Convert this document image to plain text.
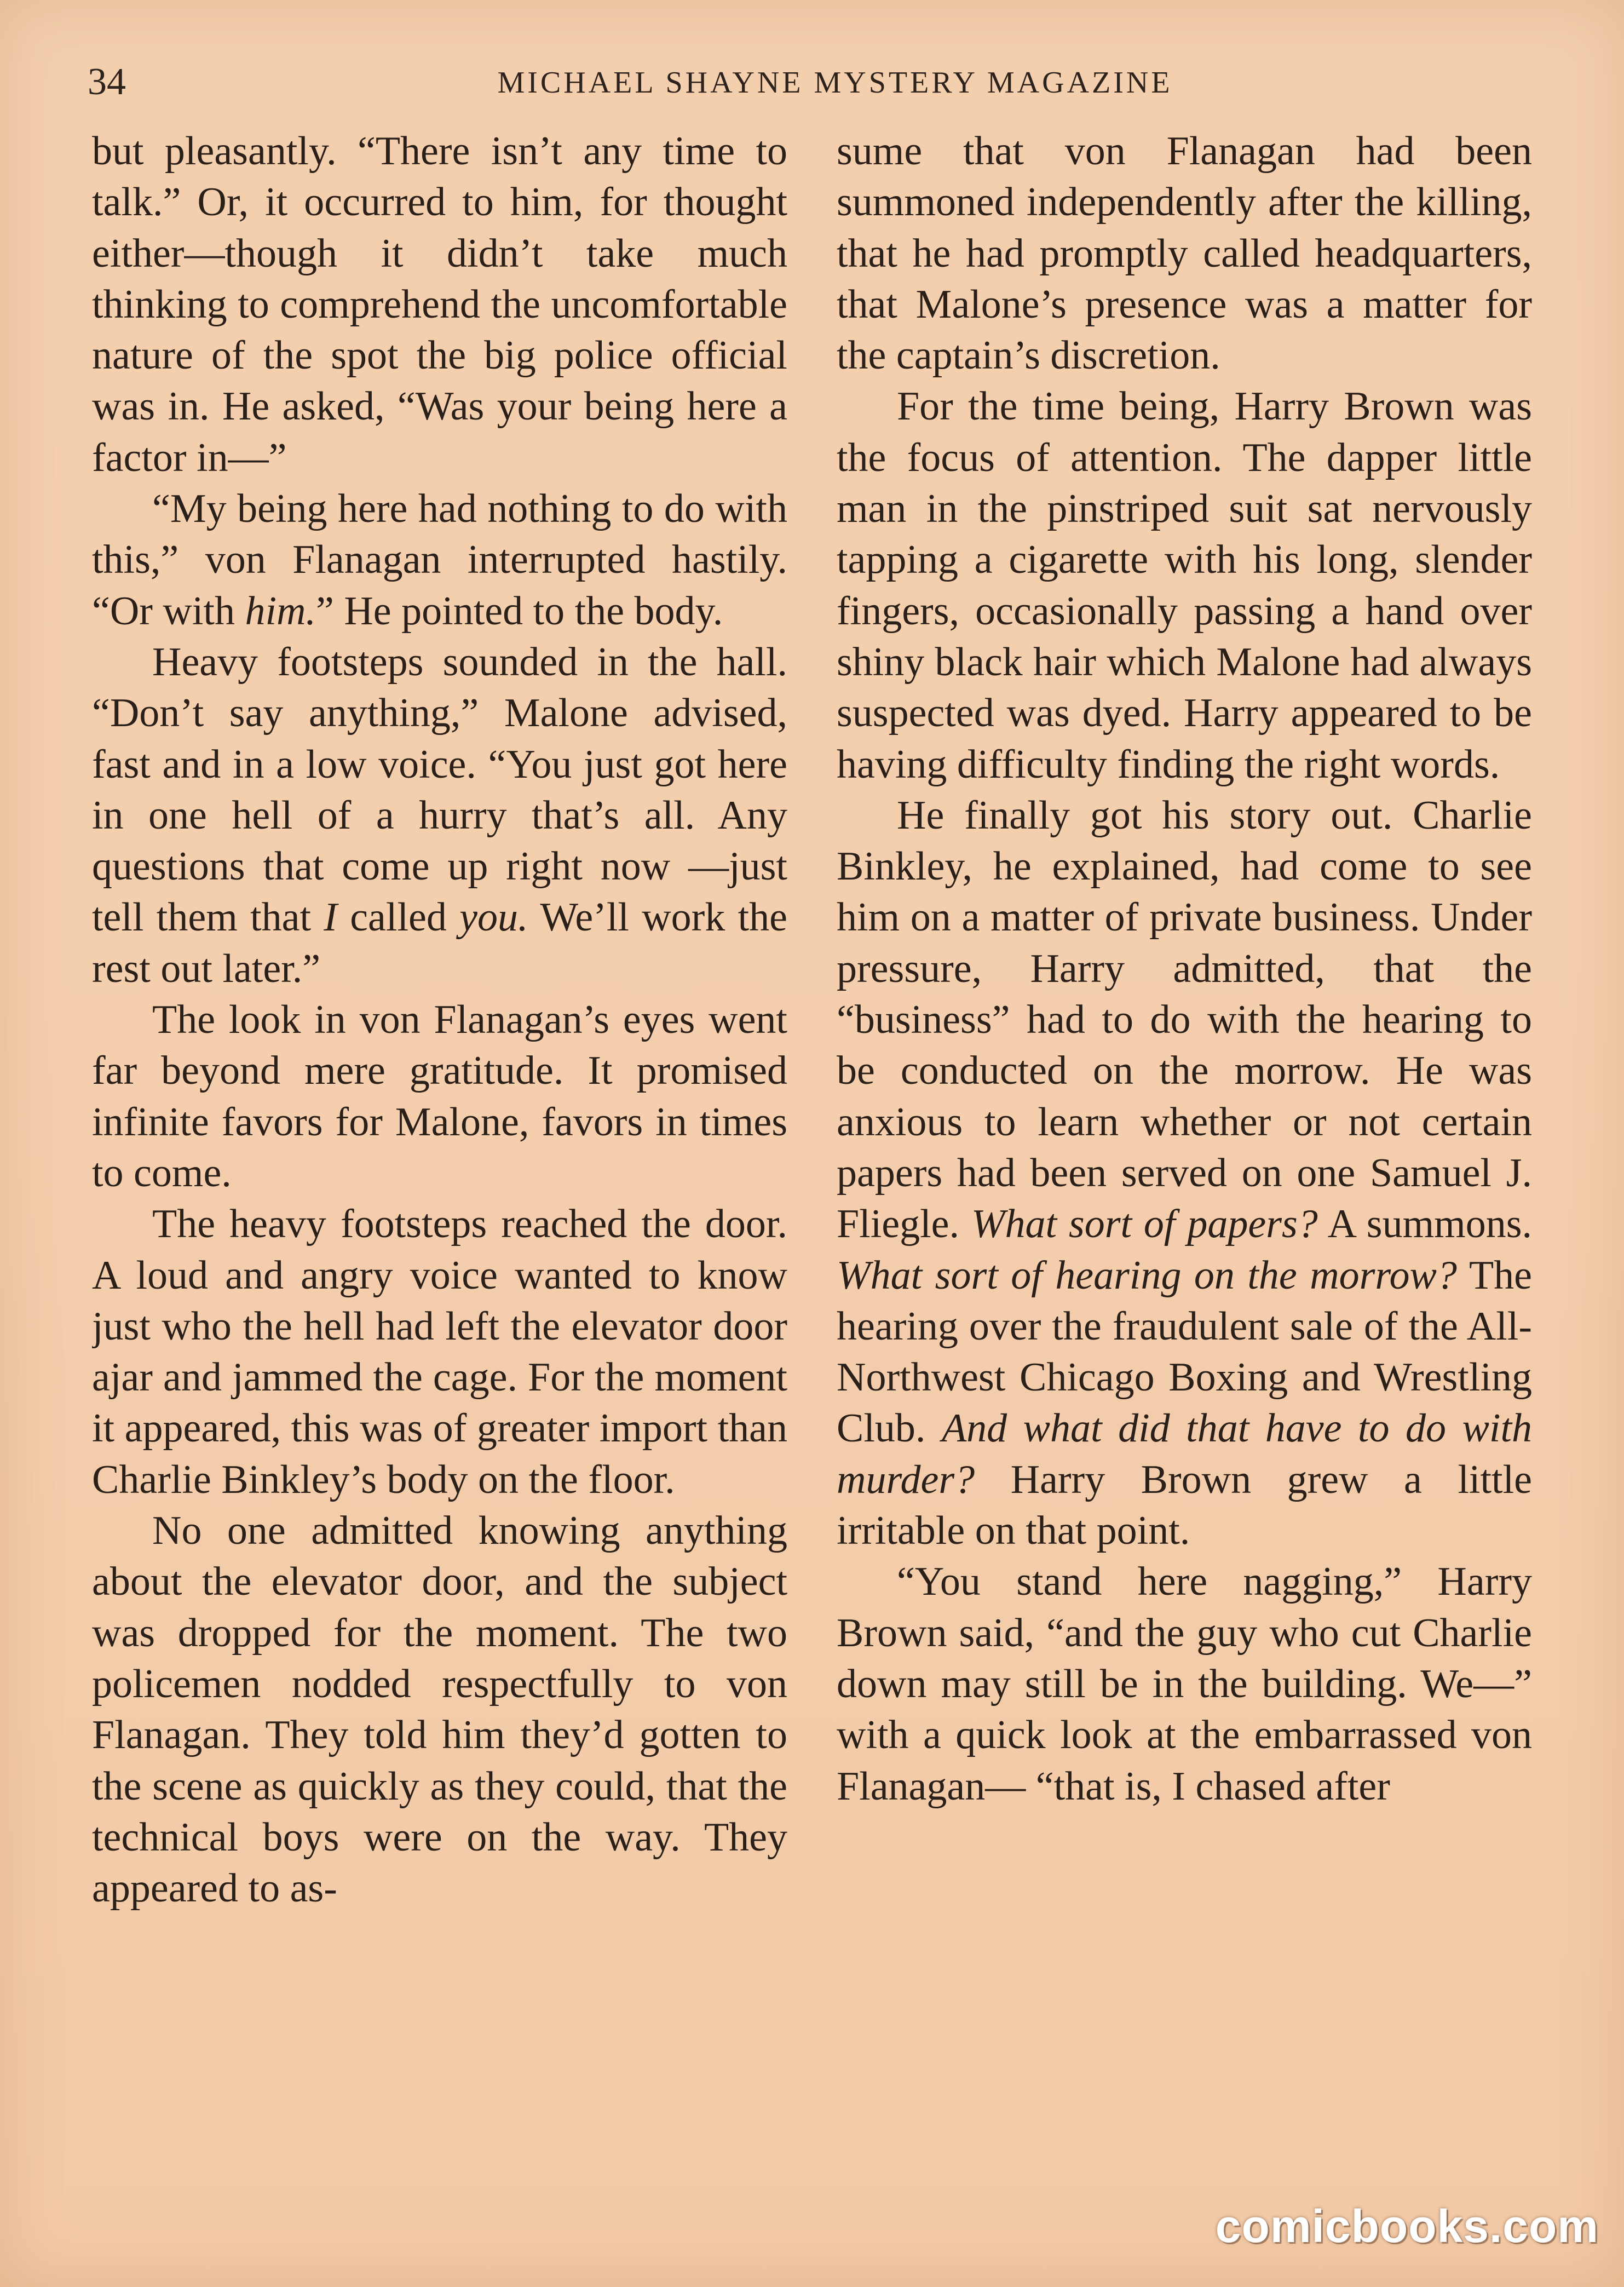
34	MICHAEL SHAYNE MYSTERY MAGAZINE

but pleasantly. “There isn’t any time to talk.” Or, it occurred to him, for thought either—though it didn’t take much thinking to comprehend the uncomfortable nature of the spot the big police official was in. He asked, “Was your being here a factor in—”

“My being here had nothing to do with this,” von Flanagan interrupted hastily. “Or with him.” He pointed to the body.

Heavy footsteps sounded in the hall. “Don’t say anything,” Malone advised, fast and in a low voice. “You just got here in one hell of a hurry that’s all. Any questions that come up right now —just tell them that I called you. We’ll work the rest out later.”

The look in von Flanagan’s eyes went far beyond mere gratitude. It promised infinite favors for Malone, favors in times to come.

The heavy footsteps reached the door. A loud and angry voice wanted to know just who the hell had left the elevator door ajar and jammed the cage. For the moment it appeared, this was of greater import than Charlie Binkley’s body on the floor.

No one admitted knowing anything about the elevator door, and the subject was dropped for the moment. The two policemen nodded respectfully to von Flanagan. They told him they’d gotten to the scene as quickly as they could, that the technical boys were on the way. They appeared to as-

sume that von Flanagan had been summoned independently after the killing, that he had promptly called headquarters, that Malone’s presence was a matter for the captain’s discretion.

For the time being, Harry Brown was the focus of attention. The dapper little man in the pinstriped suit sat nervously tapping a cigarette with his long, slender fingers, occasionally passing a hand over shiny black hair which Malone had always suspected was dyed. Harry appeared to be having difficulty finding the right words.

He finally got his story out. Charlie Binkley, he explained, had come to see him on a matter of private business. Under pressure, Harry admitted, that the “business” had to do with the hearing to be conducted on the morrow. He was anxious to learn whether or not certain papers had been served on one Samuel J. Fliegle. What sort of papers? A summons. What sort of hearing on the morrow? The hearing over the fraudulent sale of the All-Northwest Chicago Boxing and Wrestling Club. And what did that have to do with murder? Harry Brown grew a little irritable on that point.

“You stand here nagging,” Harry Brown said, “and the guy who cut Charlie down may still be in the building. We—” with a quick look at the embarrassed von Flanagan— “that is, I chased after

comicbooks.com
